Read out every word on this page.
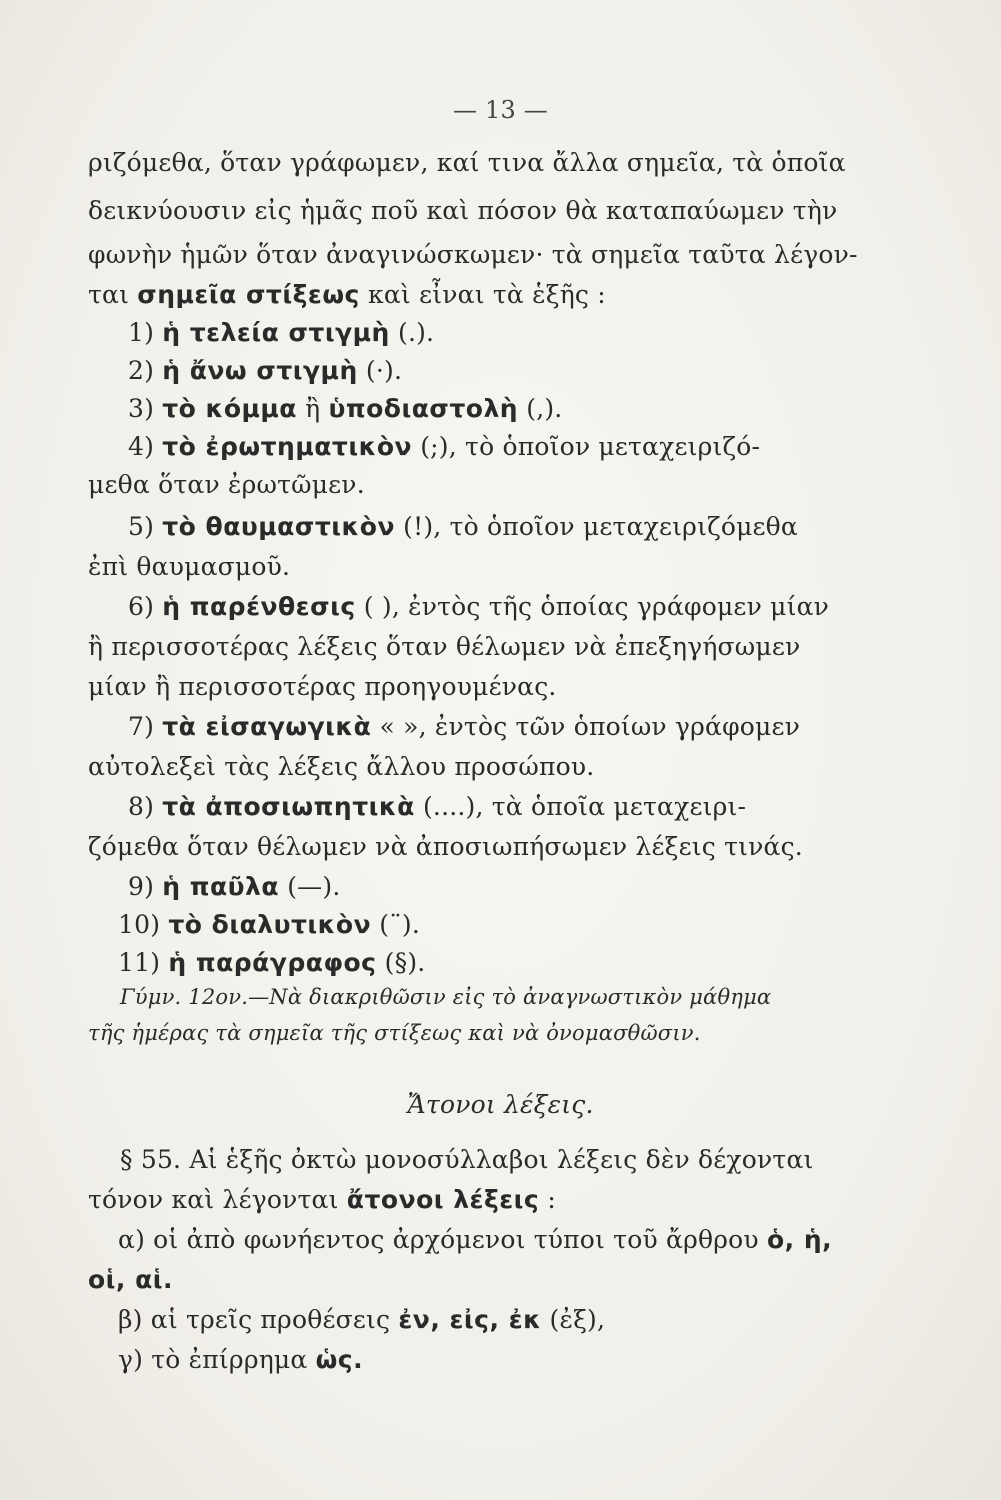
— 13 —
ριζόμεθα, ὅταν γράφωμεν, καί τινα ἄλλα σημεῖα, τὰ ὁποῖα
δεικνύουσιν εἰς ἡμᾶς ποῦ καὶ πόσον θὰ καταπαύωμεν τὴν
φωνὴν ἡμῶν ὅταν ἀναγινώσκωμεν· τὰ σημεῖα ταῦτα λέγον-
ται σημεῖα στίξεως καὶ εἶναι τὰ ἑξῆς :
1) ἡ τελεία στιγμὴ (.).
2) ἡ ἄνω στιγμὴ (·).
3) τὸ κόμμα ἢ ὑποδιαστολὴ (,).
4) τὸ ἐρωτηματικὸν (;), τὸ ὁποῖον μεταχειριζό-
μεθα ὅταν ἐρωτῶμεν.
5) τὸ θαυμαστικὸν (!), τὸ ὁποῖον μεταχειριζόμεθα
ἐπὶ θαυμασμοῦ.
6) ἡ παρένθεσις ( ), ἐντὸς τῆς ὁποίας γράφομεν μίαν
ἢ περισσοτέρας λέξεις ὅταν θέλωμεν νὰ ἐπεξηγήσωμεν
μίαν ἢ περισσοτέρας προηγουμένας.
7) τὰ εἰσαγωγικὰ « », ἐντὸς τῶν ὁποίων γράφομεν
αὐτολεξεὶ τὰς λέξεις ἄλλου προσώπου.
8) τὰ ἀποσιωπητικὰ (....), τὰ ὁποῖα μεταχειρι-
ζόμεθα ὅταν θέλωμεν νὰ ἀποσιωπήσωμεν λέξεις τινάς.
9) ἡ παῦλα (—).
10) τὸ διαλυτικὸν (¨).
11) ἡ παράγραφος (§).
Γύμν. 12ον.—Νὰ διακριθῶσιν εἰς τὸ ἀναγνωστικὸν μάθημα
τῆς ἡμέρας τὰ σημεῖα τῆς στίξεως καὶ νὰ ὀνομασθῶσιν.
Ἄτονοι λέξεις.
§ 55. Αἱ ἑξῆς ὀκτὼ μονοσύλλαβοι λέξεις δὲν δέχονται
τόνον καὶ λέγονται ἄτονοι λέξεις :
α) οἱ ἀπὸ φωνήεντος ἀρχόμενοι τύποι τοῦ ἄρθρου ὁ, ἡ,
οἱ, αἱ.
β) αἱ τρεῖς προθέσεις ἐν, εἰς, ἐκ (ἐξ),
γ) τὸ ἐπίρρημα ὡς.
